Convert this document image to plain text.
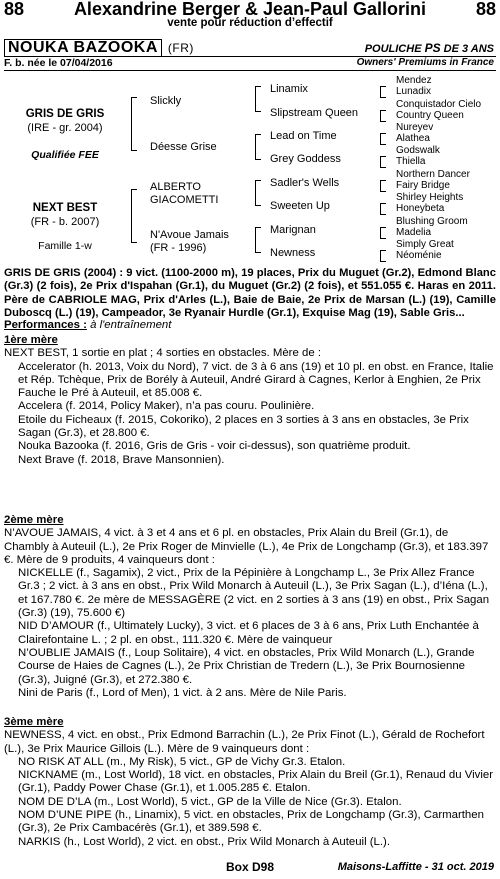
88	Alexandrine Berger & Jean-Paul Gallorini	88
vente pour réduction d’effectif
NOUKA BAZOOKA (FR)	POULICHE PS DE 3 ANS
F. b. née le 07/04/2016	Owners' Premiums in France
GRIS DE GRIS
(IRE - gr. 2004)
Qualifiée FEE
NEXT BEST
(FR - b. 2007)
Famille 1-w
Slickly
Déesse Grise
ALBERTO
GIACOMETTI
N'Avoue Jamais
(FR - 1996)
Linamix
Slipstream Queen
Lead on Time
Grey Goddess
Sadler's Wells
Sweeten Up
Marignan
Newness
Mendez
Lunadix
Conquistador Cielo
Country Queen
Nureyev
Alathea
Godswalk
Thiella
Northern Dancer
Fairy Bridge
Shirley Heights
Honeybeta
Blushing Groom
Madelia
Simply Great
Néoménie
GRIS DE GRIS (2004) : 9 vict. (1100-2000 m), 19 places, Prix du Muguet (Gr.2), Edmond Blanc (Gr.3) (2 fois), 2e Prix d'Ispahan (Gr.1), du Muguet (Gr.2) (2 fois), et 551.055 €. Haras en 2011. Père de CABRIOLE MAG, Prix d'Arles (L.), Baie de Baie, 2e Prix de Marsan (L.) (19), Camille Duboscq (L.) (19), Campeador, 3e Ryanair Hurdle (Gr.1), Exquise Mag (19), Sable Gris...
Performances : à l'entraînement

1ère mère

NEXT BEST, 1 sortie en plat ; 4 sorties en obstacles. Mère de :

Accelerator (h. 2013, Voix du Nord), 7 vict. de 3 à 6 ans (19) et 10 pl. en obst. en France, Italie et Rép. Tchèque, Prix de Borély à Auteuil, André Girard à Cagnes, Kerlor à Enghien, 2e Prix Fauche le Pré à Auteuil, et 85.008 €.

Accelera (f. 2014, Policy Maker), n’a pas couru. Poulinière.

Etoile du Ficheaux (f. 2015, Cokoriko), 2 places en 3 sorties à 3 ans en obstacles, 3e Prix Sagan (Gr.3), et 28.800 €.

Nouka Bazooka (f. 2016, Gris de Gris - voir ci-dessus), son quatrième produit.

Next Brave (f. 2018, Brave Mansonnien).

2ème mère

N’AVOUE JAMAIS, 4 vict. à 3 et 4 ans et 6 pl. en obstacles, Prix Alain du Breil (Gr.1), de Chambly à Auteuil (L.), 2e Prix Roger de Minvielle (L.), 4e Prix de Longchamp (Gr.3), et 183.397 €. Mère de 9 produits, 4 vainqueurs dont :

NICKELLE (f., Sagamix), 2 vict., Prix de la Pépinière à Longchamp L., 3e Prix Allez France Gr.3 ; 2 vict. à 3 ans en obst., Prix Wild Monarch à Auteuil (L.), 3e Prix Sagan (L.), d’Iéna (L.), et 167.780 €. 2e mère de MESSAGÈRE (2 vict. en 2 sorties à 3 ans (19) en obst., Prix Sagan (Gr.3) (19), 75.600 €)

NID D’AMOUR (f., Ultimately Lucky), 3 vict. et 6 places de 3 à 6 ans, Prix Luth Enchantée à Clairefontaine L. ; 2 pl. en obst., 111.320 €. Mère de vainqueur

N’OUBLIE JAMAIS (f., Loup Solitaire), 4 vict. en obstacles, Prix Wild Monarch (L.), Grande Course de Haies de Cagnes (L.), 2e Prix Christian de Tredern (L.), 3e Prix Bournosienne (Gr.3), Juigné (Gr.3), et 272.380 €.

Nini de Paris (f., Lord of Men), 1 vict. à 2 ans. Mère de Nile Paris.

3ème mère

NEWNESS, 4 vict. en obst., Prix Edmond Barrachin (L.), 2e Prix Finot (L.), Gérald de Rochefort (L.), 3e Prix Maurice Gillois (L.). Mère de 9 vainqueurs dont :

NO RISK AT ALL (m., My Risk), 5 vict., GP de Vichy Gr.3. Etalon.

NICKNAME (m., Lost World), 18 vict. en obstacles, Prix Alain du Breil (Gr.1), Renaud du Vivier (Gr.1), Paddy Power Chase (Gr.1), et 1.005.285 €. Etalon.

NOM DE D’LA (m., Lost World), 5 vict., GP de la Ville de Nice (Gr.3). Etalon.

NOM D’UNE PIPE (h., Linamix), 5 vict. en obstacles, Prix de Longchamp (Gr.3), Carmarthen (Gr.3), 2e Prix Cambacérès (Gr.1), et 389.598 €.

NARKIS (h., Lost World), 2 vict. en obst., Prix Wild Monarch à Auteuil (L.).

Box D98	Maisons-Laffitte - 31 oct. 2019
